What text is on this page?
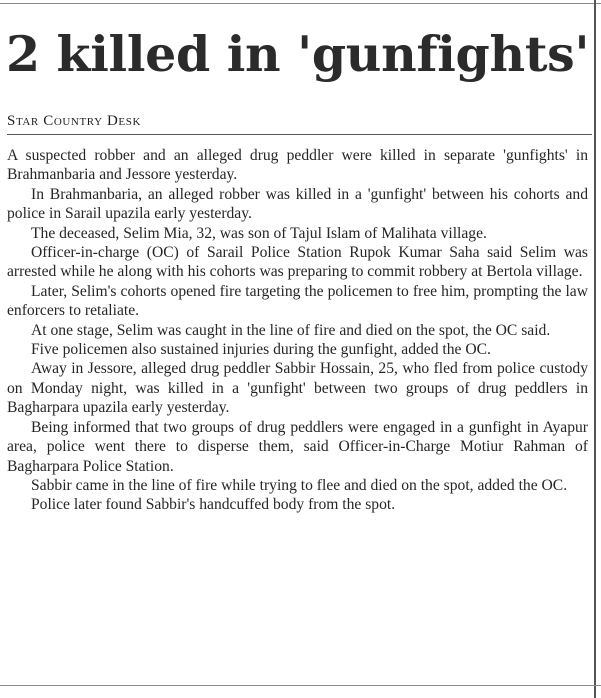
2 killed in 'gunfights'
Star Country Desk

A suspected robber and an alleged drug peddler were killed in separate 'gunfights' in Brahmanbaria and Jessore yesterday.

In Brahmanbaria, an alleged robber was killed in a 'gunfight' between his cohorts and police in Sarail upazila early yesterday.

The deceased, Selim Mia, 32, was son of Tajul Islam of Malihata village.

Officer-in-charge (OC) of Sarail Police Station Rupok Kumar Saha said Selim was arrested while he along with his cohorts was preparing to commit robbery at Bertola village.

Later, Selim's cohorts opened fire targeting the policemen to free him, prompting the law enforcers to retaliate.

At one stage, Selim was caught in the line of fire and died on the spot, the OC said.

Five policemen also sustained injuries during the gunfight, added the OC.

Away in Jessore, alleged drug peddler Sabbir Hossain, 25, who fled from police custody on Monday night, was killed in a 'gunfight' between two groups of drug peddlers in Bagharpara upazila early yesterday.

Being informed that two groups of drug peddlers were engaged in a gunfight in Ayapur area, police went there to disperse them, said Officer-in-Charge Motiur Rahman of Bagharpara Police Station.

Sabbir came in the line of fire while trying to flee and died on the spot, added the OC.

Police later found Sabbir's handcuffed body from the spot.
